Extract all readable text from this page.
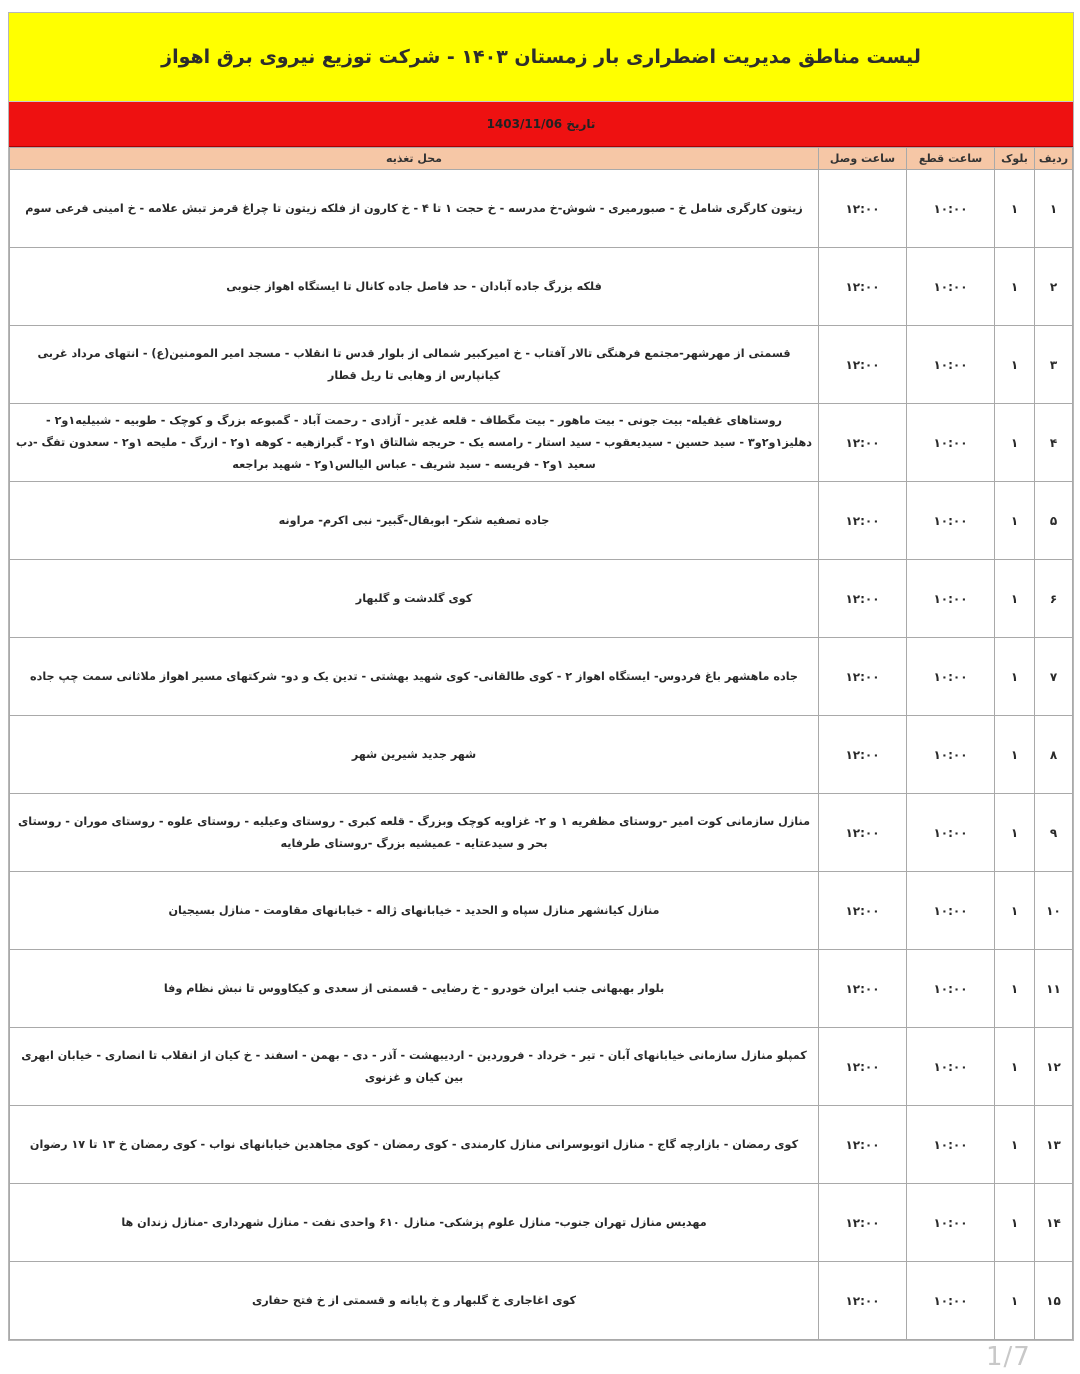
لیست مناطق مدیریت اضطراری بار زمستان ۱۴۰۳ - شرکت توزیع نیروی برق اهواز
تاریخ 1403/11/06
ردیف	بلوک	ساعت قطع	ساعت وصل	محل تغذیه
۱	۱	۱۰:۰۰	۱۲:۰۰	زیتون کارگری شامل خ - صبورمیری - شوش-خ مدرسه - خ حجت ۱ تا ۴ - خ کارون از فلکه زیتون تا چراغ قرمز تبش علامه - خ امینی فرعی سوم
۲	۱	۱۰:۰۰	۱۲:۰۰	فلکه بزرگ جاده آبادان - حد فاصل جاده کانال تا ایستگاه اهواز جنوبی
۳	۱	۱۰:۰۰	۱۲:۰۰	قسمتی از مهرشهر-مجتمع فرهنگی تالار آفتاب - خ امیرکبیر شمالی از بلوار قدس تا انقلاب - مسجد امیر المومنین(ع) - انتهای مرداد غربی کیانپارس از وهابی تا ریل قطار
۴	۱	۱۰:۰۰	۱۲:۰۰	روستاهای غفیله- بیت جونی - بیت ماهور - بیت مگطاف - قلعه غدیر - آزادی - رحمت آباد - گمبوعه بزرگ و کوچک - طوبیه - شبیلیه۱و۲ - دهلیز۱و۲و۳ - سید حسین - سیدیعقوب - سید استار - رامسه یک - حریجه شالتاق ۱و۲ - گبرازهیه - کوهه ۱و۲ - ازرگ - ملیحه ۱و۲ - سعدون تفگ -دب سعید ۱و۲ - فریسه - سید شریف - عباس الیالس۱و۲ - شهید براجعه
۵	۱	۱۰:۰۰	۱۲:۰۰	جاده تصفیه شکر- ابوبقال-گبیر- نبی اکرم- مراونه
۶	۱	۱۰:۰۰	۱۲:۰۰	کوی گلدشت و گلبهار
۷	۱	۱۰:۰۰	۱۲:۰۰	جاده ماهشهر باغ فردوس- ایستگاه اهواز ۲ - کوی طالقانی- کوی شهید بهشتی - تدین یک و دو- شرکتهای مسیر اهواز ملاثانی سمت چپ جاده
۸	۱	۱۰:۰۰	۱۲:۰۰	شهر جدید شیرین شهر
۹	۱	۱۰:۰۰	۱۲:۰۰	منازل سازمانی کوت امیر -روستای مظفریه ۱ و ۲- غزاویه کوچک وبزرگ - قلعه کبری - روستای وعیلیه - روستای علوه - روستای موران - روستای بحر و سیدعتایه - عمیشیه بزرگ -روستای طرفایه
۱۰	۱	۱۰:۰۰	۱۲:۰۰	منازل کیانشهر منازل سپاه و الحدید - خیابانهای ژاله - خیابانهای مقاومت - منازل بسیجیان
۱۱	۱	۱۰:۰۰	۱۲:۰۰	بلوار بهبهانی جنب ایران خودرو - خ رضایی - قسمتی از سعدی و کیکاووس تا نبش نظام وفا
۱۲	۱	۱۰:۰۰	۱۲:۰۰	کمپلو منازل سازمانی خیابانهای آبان - تیر - خرداد - فروردین - اردیبهشت - آذر - دی - بهمن - اسفند - خ کیان از انقلاب تا انصاری - خیابان ابهری بین کیان و غزنوی
۱۳	۱	۱۰:۰۰	۱۲:۰۰	کوی رمضان - بازارچه گاج - منازل اتوبوسرانی منازل کارمندی - کوی رمضان - کوی مجاهدین خیابانهای نواب - کوی رمضان خ ۱۳ تا ۱۷ رضوان
۱۴	۱	۱۰:۰۰	۱۲:۰۰	مهدیس منازل تهران جنوب- منازل علوم پزشکی- منازل ۶۱۰ واحدی نفت - منازل شهرداری -منازل زندان ها
۱۵	۱	۱۰:۰۰	۱۲:۰۰	کوی اغاجاری خ گلبهار و خ پایانه و قسمتی از خ فتح حفاری
1/7
